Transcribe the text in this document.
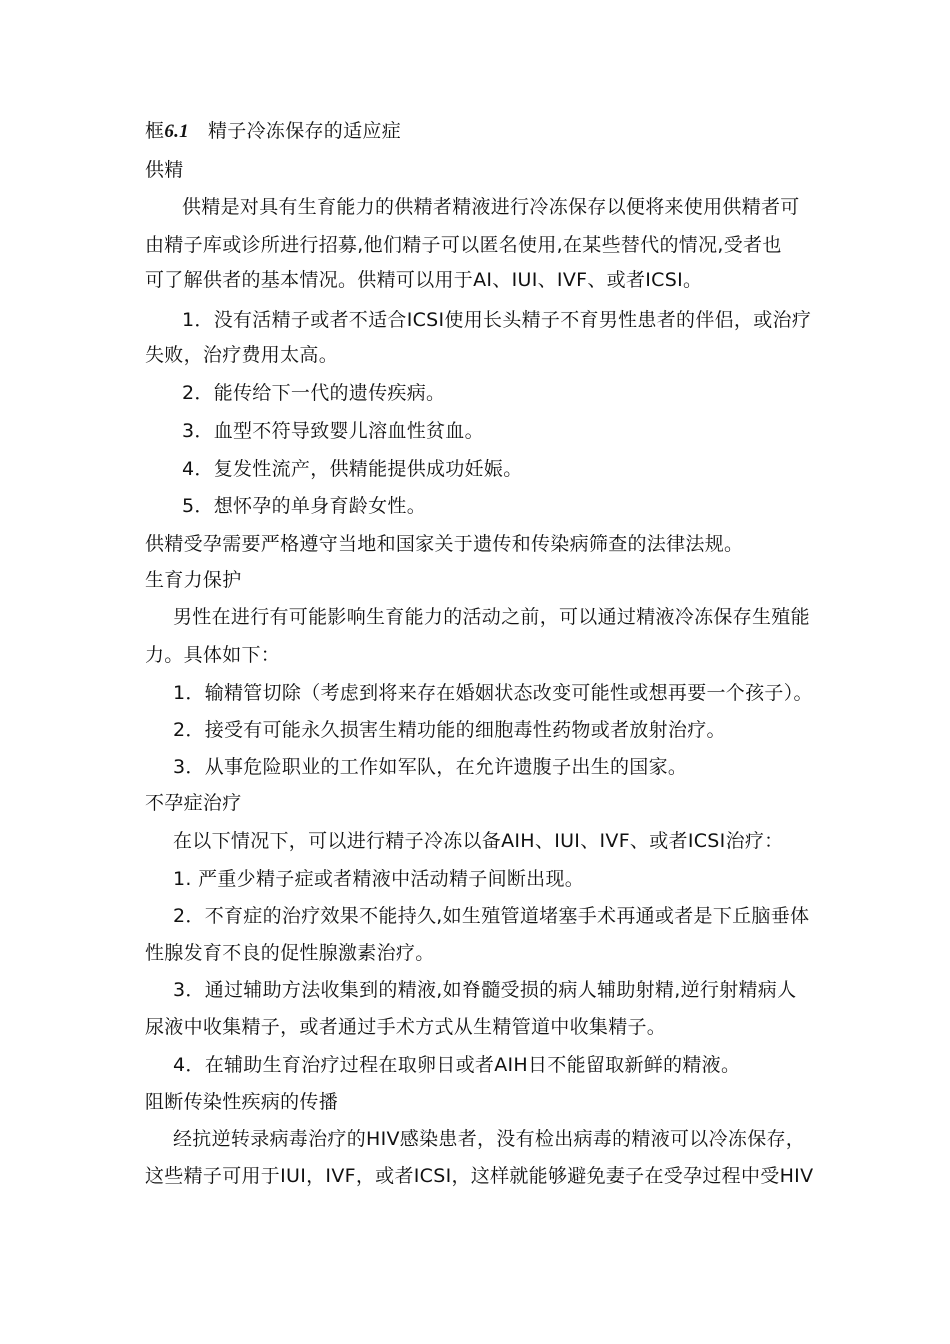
框6.1 精子冷冻保存的适应症
供精
供精是对具有生育能力的供精者精液进行冷冻保存以便将来使用供精者可
由精子库或诊所进行招募,他们精子可以匿名使用,在某些替代的情况,受者也
可了解供者的基本情况。供精可以用于AI、IUI、IVF、或者ICSI。
1．没有活精子或者不适合ICSI使用长头精子不育男性患者的伴侣，或治疗
失败，治疗费用太高。
2．能传给下一代的遗传疾病。
3．血型不符导致婴儿溶血性贫血。
4．复发性流产，供精能提供成功妊娠。
5．想怀孕的单身育龄女性。
供精受孕需要严格遵守当地和国家关于遗传和传染病筛查的法律法规。
生育力保护
男性在进行有可能影响生育能力的活动之前，可以通过精液冷冻保存生殖能
力。具体如下：
1．输精管切除（考虑到将来存在婚姻状态改变可能性或想再要一个孩子）。
2．接受有可能永久损害生精功能的细胞毒性药物或者放射治疗。
3．从事危险职业的工作如军队，在允许遗腹子出生的国家。
不孕症治疗
在以下情况下，可以进行精子冷冻以备AIH、IUI、IVF、或者ICSI治疗：
1. 严重少精子症或者精液中活动精子间断出现。
2．不育症的治疗效果不能持久,如生殖管道堵塞手术再通或者是下丘脑垂体
性腺发育不良的促性腺激素治疗。
3．通过辅助方法收集到的精液,如脊髓受损的病人辅助射精,逆行射精病人
尿液中收集精子，或者通过手术方式从生精管道中收集精子。
4．在辅助生育治疗过程在取卵日或者AIH日不能留取新鲜的精液。
阻断传染性疾病的传播
经抗逆转录病毒治疗的HIV感染患者，没有检出病毒的精液可以冷冻保存，
这些精子可用于IUI，IVF，或者ICSI，这样就能够避免妻子在受孕过程中受HIV
